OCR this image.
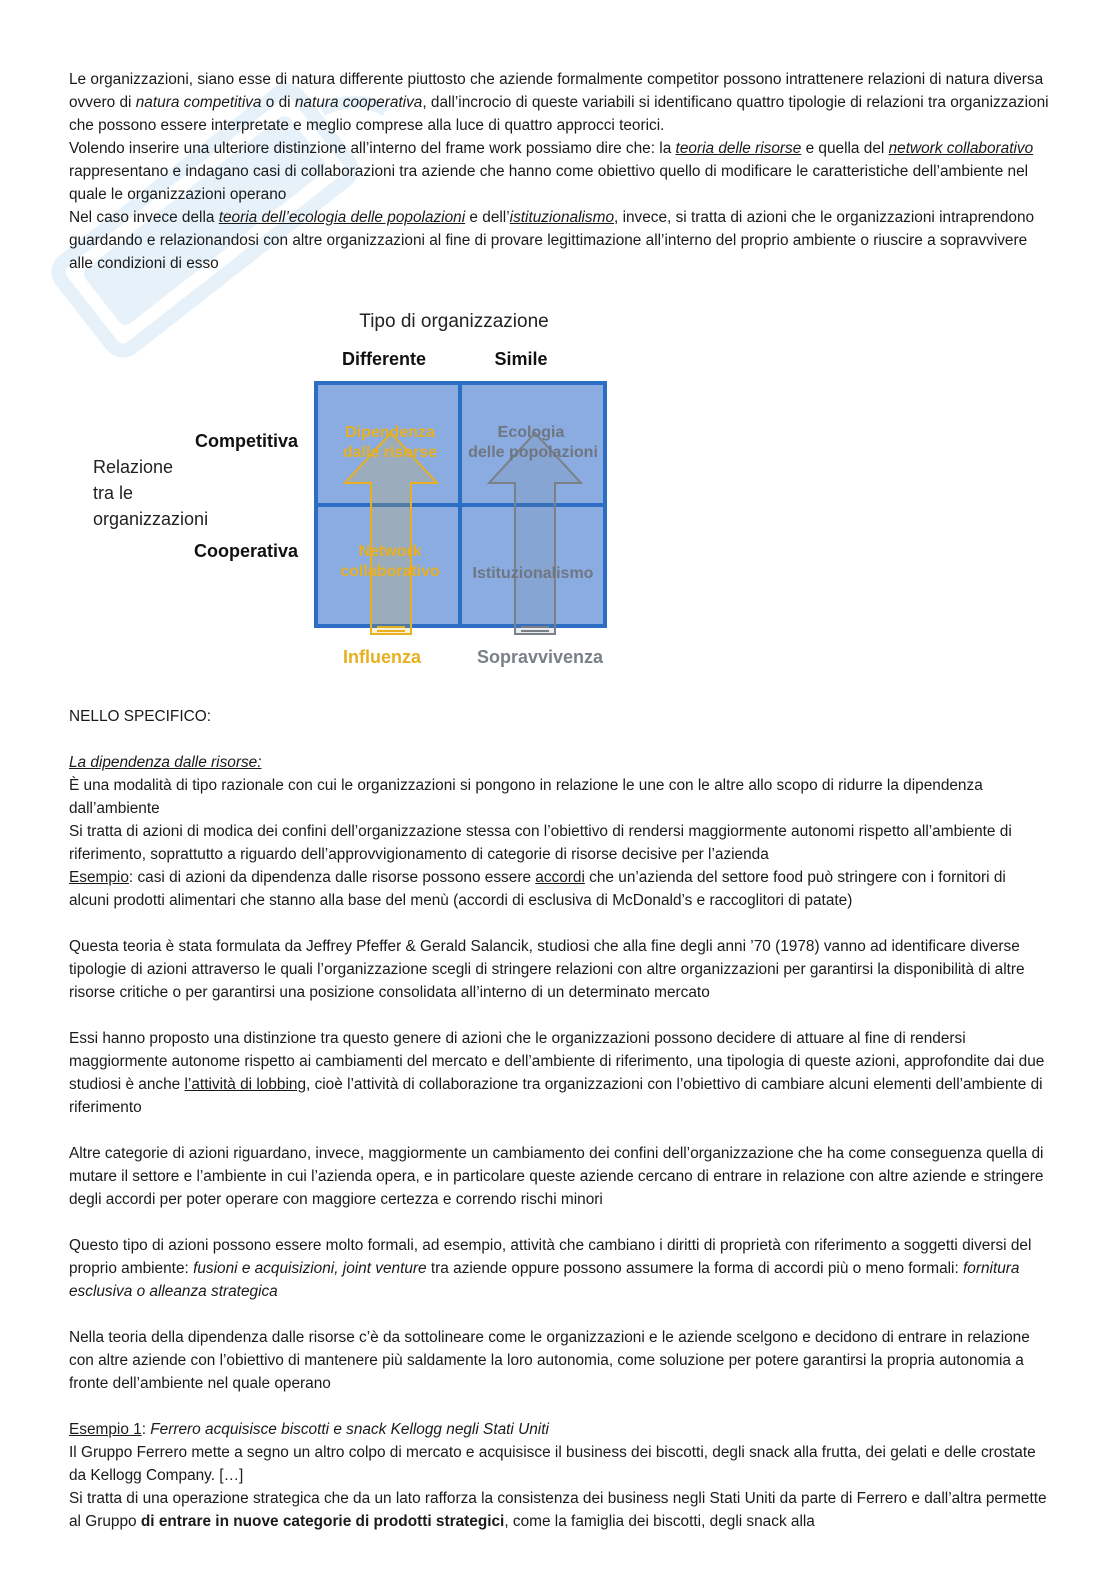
Le organizzazioni, siano esse di natura differente piuttosto che aziende formalmente competitor possono intrattenere relazioni di natura diversa ovvero di natura competitiva o di natura cooperativa, dall’incrocio di queste variabili si identificano quattro tipologie di relazioni tra organizzazioni che possono essere interpretate e meglio comprese alla luce di quattro approcci teorici.

Volendo inserire una ulteriore distinzione all’interno del frame work possiamo dire che: la teoria delle risorse e quella del network collaborativo rappresentano e indagano casi di collaborazioni tra aziende che hanno come obiettivo quello di modificare le caratteristiche dell’ambiente nel quale le organizzazioni operano

Nel caso invece della teoria dell’ecologia delle popolazioni e dell’istituzionalismo, invece, si tratta di azioni che le organizzazioni intraprendono guardando e relazionandosi con altre organizzazioni al fine di provare legittimazione all’interno del proprio ambiente o riuscire a sopravvivere alle condizioni di esso

Tipo di organizzazione
Differente	Simile
Competitiva
Cooperativa
Relazione
tra le
organizzazioni
Dipendenza
dalle risorse
Ecologia
delle popolazioni
Network
collaborativo Istituzionalismo
Influenza	Sopravvivenza

NELLO SPECIFICO:

La dipendenza dalle risorse:

È una modalità di tipo razionale con cui le organizzazioni si pongono in relazione le une con le altre allo scopo di ridurre la dipendenza dall’ambiente

Si tratta di azioni di modica dei confini dell’organizzazione stessa con l’obiettivo di rendersi maggiormente autonomi rispetto all’ambiente di riferimento, soprattutto a riguardo dell’approvvigionamento di categorie di risorse decisive per l’azienda

Esempio: casi di azioni da dipendenza dalle risorse possono essere accordi che un’azienda del settore food può stringere con i fornitori di alcuni prodotti alimentari che stanno alla base del menù (accordi di esclusiva di McDonald’s e raccoglitori di patate)

Questa teoria è stata formulata da Jeffrey Pfeffer & Gerald Salancik, studiosi che alla fine degli anni ’70 (1978) vanno ad identificare diverse tipologie di azioni attraverso le quali l’organizzazione scegli di stringere relazioni con altre organizzazioni per garantirsi la disponibilità di altre risorse critiche o per garantirsi una posizione consolidata all’interno di un determinato mercato

Essi hanno proposto una distinzione tra questo genere di azioni che le organizzazioni possono decidere di attuare al fine di rendersi maggiormente autonome rispetto ai cambiamenti del mercato e dell’ambiente di riferimento, una tipologia di queste azioni, approfondite dai due studiosi è anche l’attività di lobbing, cioè l’attività di collaborazione tra organizzazioni con l’obiettivo di cambiare alcuni elementi dell’ambiente di riferimento

Altre categorie di azioni riguardano, invece, maggiormente un cambiamento dei confini dell’organizzazione che ha come conseguenza quella di mutare il settore e l’ambiente in cui l’azienda opera, e in particolare queste aziende cercano di entrare in relazione con altre aziende e stringere degli accordi per poter operare con maggiore certezza e correndo rischi minori

Questo tipo di azioni possono essere molto formali, ad esempio, attività che cambiano i diritti di proprietà con riferimento a soggetti diversi del proprio ambiente: fusioni e acquisizioni, joint venture tra aziende oppure possono assumere la forma di accordi più o meno formali: fornitura esclusiva o alleanza strategica

Nella teoria della dipendenza dalle risorse c’è da sottolineare come le organizzazioni e le aziende scelgono e decidono di entrare in relazione con altre aziende con l’obiettivo di mantenere più saldamente la loro autonomia, come soluzione per potere garantirsi la propria autonomia a fronte dell’ambiente nel quale operano

Esempio 1: Ferrero acquisisce biscotti e snack Kellogg negli Stati Uniti

Il Gruppo Ferrero mette a segno un altro colpo di mercato e acquisisce il business dei biscotti, degli snack alla frutta, dei gelati e delle crostate da Kellogg Company. […]

Si tratta di una operazione strategica che da un lato rafforza la consistenza dei business negli Stati Uniti da parte di Ferrero e dall’altra permette al Gruppo di entrare in nuove categorie di prodotti strategici, come la famiglia dei biscotti, degli snack alla
